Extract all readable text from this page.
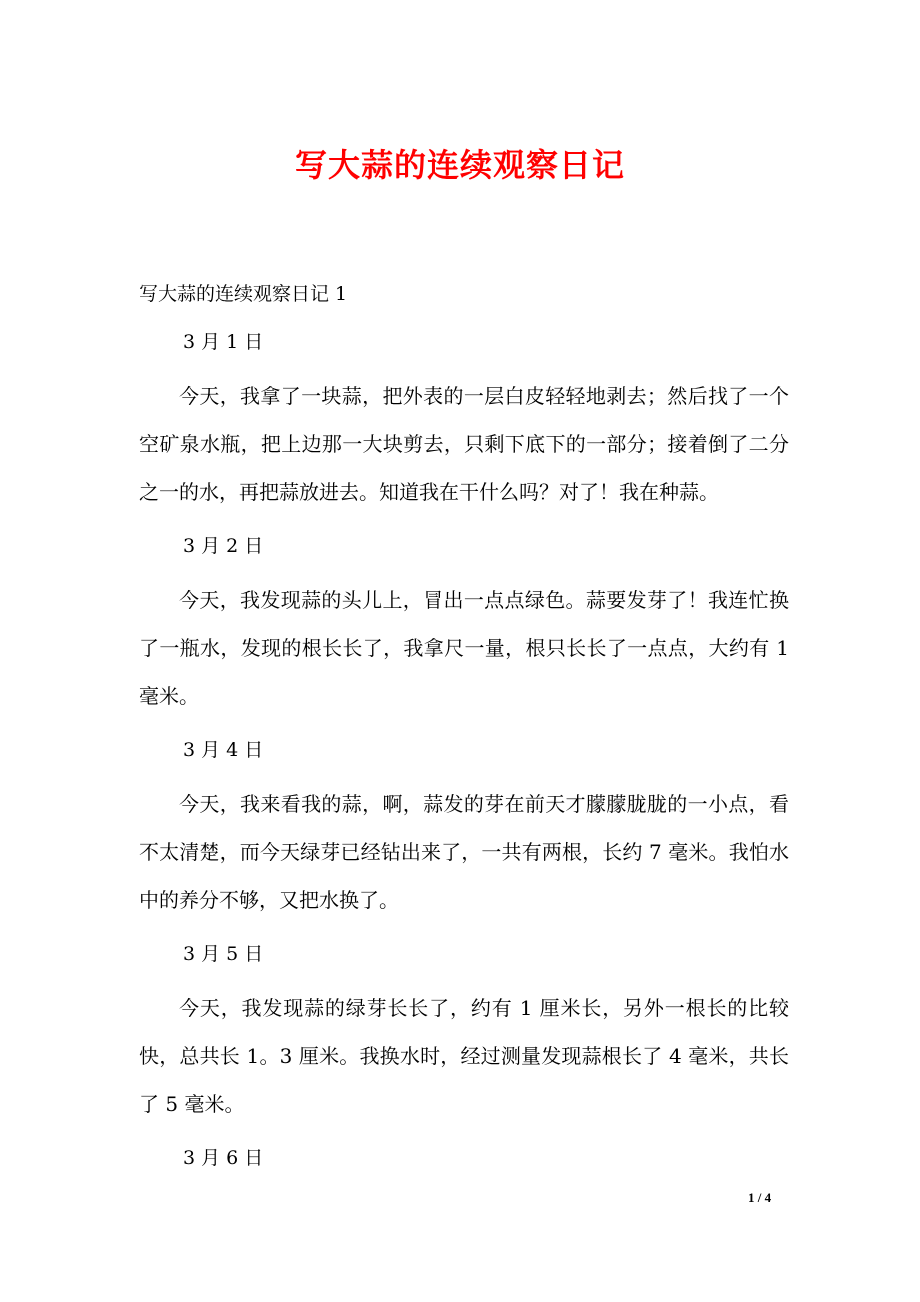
写大蒜的连续观察日记

写大蒜的连续观察日记 1

3 月 1 日

今天，我拿了一块蒜，把外表的一层白皮轻轻地剥去；然后找了一个空矿泉水瓶，把上边那一大块剪去，只剩下底下的一部分；接着倒了二分之一的水，再把蒜放进去。知道我在干什么吗？对了！我在种蒜。

3 月 2 日

今天，我发现蒜的头儿上，冒出一点点绿色。蒜要发芽了！我连忙换了一瓶水，发现的根长长了，我拿尺一量，根只长长了一点点，大约有 1 毫米。

3 月 4 日

今天，我来看我的蒜，啊，蒜发的芽在前天才朦朦胧胧的一小点，看不太清楚，而今天绿芽已经钻出来了，一共有两根，长约 7 毫米。我怕水中的养分不够，又把水换了。

3 月 5 日

今天，我发现蒜的绿芽长长了，约有 1 厘米长，另外一根长的比较快，总共长 1。3 厘米。我换水时，经过测量发现蒜根长了 4 毫米，共长了 5 毫米。

3 月 6 日

1 / 4
